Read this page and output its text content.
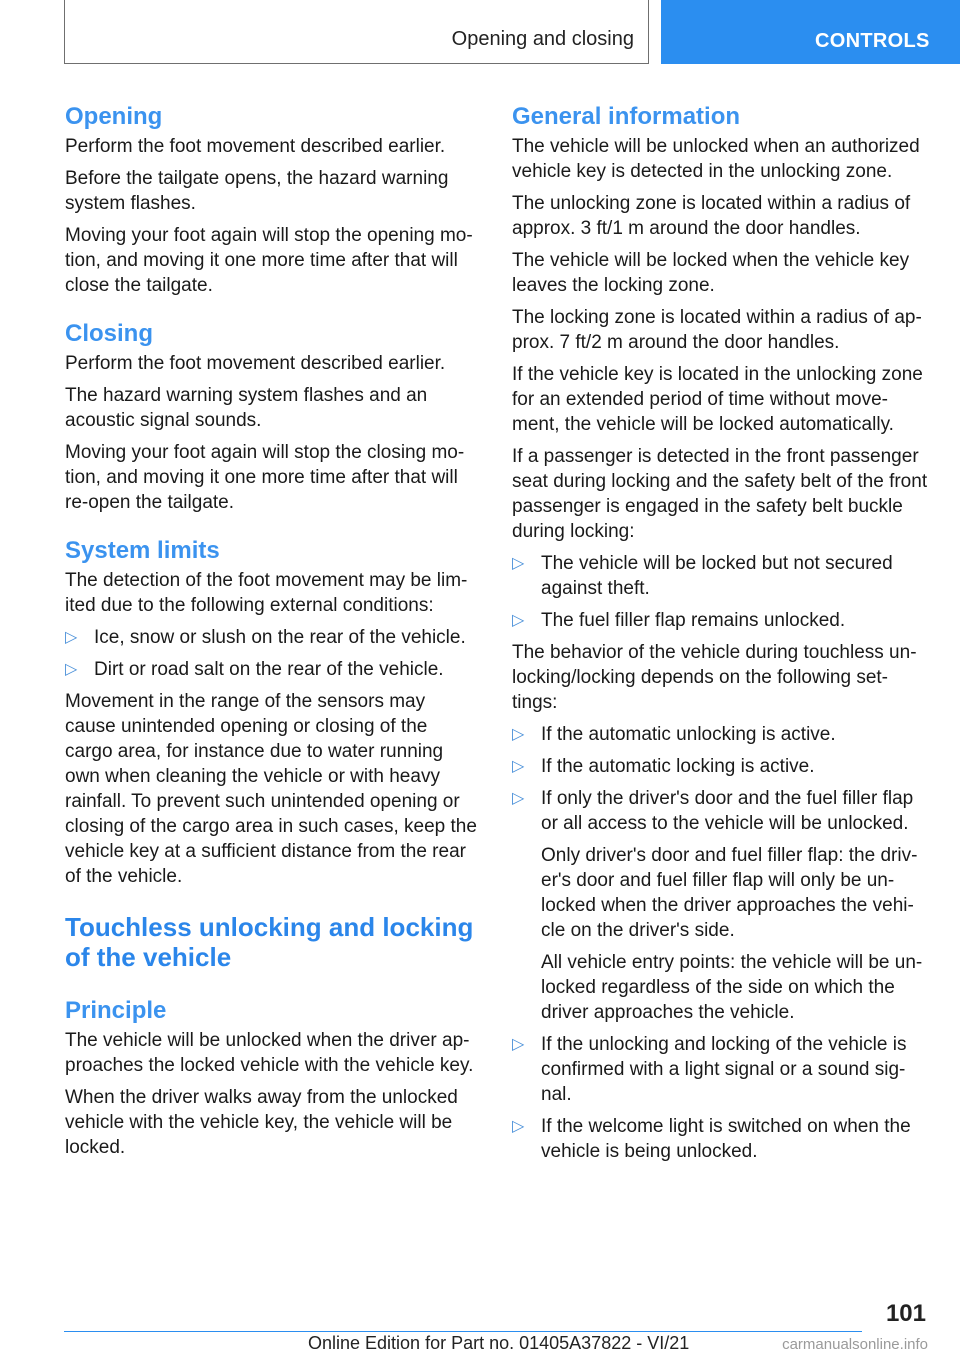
Opening and closing	CONTROLS
Opening

Perform the foot movement described earlier.

Before the tailgate opens, the hazard warning system flashes.

Moving your foot again will stop the opening mo‐tion, and moving it one more time after that will close the tailgate.

Closing

Perform the foot movement described earlier.

The hazard warning system flashes and an acoustic signal sounds.

Moving your foot again will stop the closing mo‐tion, and moving it one more time after that will re-open the tailgate.

System limits

The detection of the foot movement may be lim‐ited due to the following external conditions:

▷ Ice, snow or slush on the rear of the vehicle.
▷ Dirt or road salt on the rear of the vehicle.

Movement in the range of the sensors may cause unintended opening or closing of the cargo area, for instance due to water running own when cleaning the vehicle or with heavy rainfall. To prevent such unintended opening or closing of the cargo area in such cases, keep the vehicle key at a sufficient distance from the rear of the vehicle.

Touchless unlocking and locking of the vehicle
Principle

The vehicle will be unlocked when the driver ap‐proaches the locked vehicle with the vehicle key.

When the driver walks away from the unlocked vehicle with the vehicle key, the vehicle will be locked.

General information

The vehicle will be unlocked when an authorized vehicle key is detected in the unlocking zone.

The unlocking zone is located within a radius of approx. 3 ft/1 m around the door handles.

The vehicle will be locked when the vehicle key leaves the locking zone.

The locking zone is located within a radius of ap‐prox. 7 ft/2 m around the door handles.

If the vehicle key is located in the unlocking zone for an extended period of time without move‐ment, the vehicle will be locked automatically.

If a passenger is detected in the front passenger seat during locking and the safety belt of the front passenger is engaged in the safety belt buckle during locking:

▷ The vehicle will be locked but not secured against theft.
▷ The fuel filler flap remains unlocked.

The behavior of the vehicle during touchless un‐locking/locking depends on the following set‐tings:

▷ If the automatic unlocking is active.
▷ If the automatic locking is active.
▷ If only the driver's door and the fuel filler flap or all access to the vehicle will be unlocked.
Only driver's door and fuel filler flap: the driv‐er's door and fuel filler flap will only be un‐locked when the driver approaches the vehi‐cle on the driver's side.
All vehicle entry points: the vehicle will be un‐locked regardless of the side on which the driver approaches the vehicle.
▷ If the unlocking and locking of the vehicle is confirmed with a light signal or a sound sig‐nal.
▷ If the welcome light is switched on when the vehicle is being unlocked.
101
Online Edition for Part no. 01405A37822 - VI/21	carmanualsonline.info
